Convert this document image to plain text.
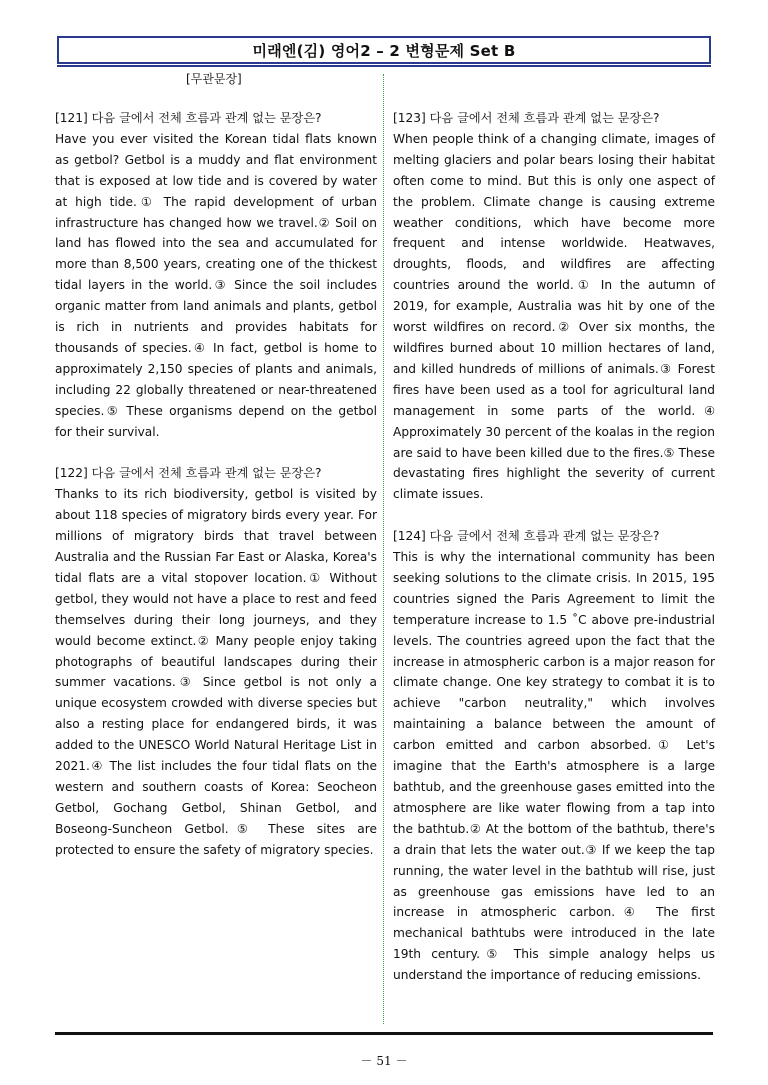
미래엔(김) 영어2 – 2 변형문제 Set B
[무관문장]
[121] 다음 글에서 전체 흐름과 관계 없는 문장은?
Have you ever visited the Korean tidal flats known as getbol? Getbol is a muddy and flat environment that is exposed at low tide and is covered by water at high tide.① The rapid development of urban infrastructure has changed how we travel.② Soil on land has flowed into the sea and accumulated for more than 8,500 years, creating one of the thickest tidal layers in the world.③ Since the soil includes organic matter from land animals and plants, getbol is rich in nutrients and provides habitats for thousands of species.④ In fact, getbol is home to approximately 2,150 species of plants and animals, including 22 globally threatened or near-threatened species.⑤ These organisms depend on the getbol for their survival.
[122] 다음 글에서 전체 흐름과 관계 없는 문장은?
Thanks to its rich biodiversity, getbol is visited by about 118 species of migratory birds every year. For millions of migratory birds that travel between Australia and the Russian Far East or Alaska, Korea's tidal flats are a vital stopover location.① Without getbol, they would not have a place to rest and feed themselves during their long journeys, and they would become extinct.② Many people enjoy taking photographs of beautiful landscapes during their summer vacations.③ Since getbol is not only a unique ecosystem crowded with diverse species but also a resting place for endangered birds, it was added to the UNESCO World Natural Heritage List in 2021.④ The list includes the four tidal flats on the western and southern coasts of Korea: Seocheon Getbol, Gochang Getbol, Shinan Getbol, and Boseong-Suncheon Getbol.⑤ These sites are protected to ensure the safety of migratory species.
[123] 다음 글에서 전체 흐름과 관계 없는 문장은?
When people think of a changing climate, images of melting glaciers and polar bears losing their habitat often come to mind. But this is only one aspect of the problem. Climate change is causing extreme weather conditions, which have become more frequent and intense worldwide. Heatwaves, droughts, floods, and wildfires are affecting countries around the world.① In the autumn of 2019, for example, Australia was hit by one of the worst wildfires on record.② Over six months, the wildfires burned about 10 million hectares of land, and killed hundreds of millions of animals.③ Forest fires have been used as a tool for agricultural land management in some parts of the world.④ Approximately 30 percent of the koalas in the region are said to have been killed due to the fires.⑤ These devastating fires highlight the severity of current climate issues.
[124] 다음 글에서 전체 흐름과 관계 없는 문장은?
This is why the international community has been seeking solutions to the climate crisis. In 2015, 195 countries signed the Paris Agreement to limit the temperature increase to 1.5 ˚C above pre-industrial levels. The countries agreed upon the fact that the increase in atmospheric carbon is a major reason for climate change. One key strategy to combat it is to achieve "carbon neutrality," which involves maintaining a balance between the amount of carbon emitted and carbon absorbed.① Let's imagine that the Earth's atmosphere is a large bathtub, and the greenhouse gases emitted into the atmosphere are like water flowing from a tap into the bathtub.② At the bottom of the bathtub, there's a drain that lets the water out.③ If we keep the tap running, the water level in the bathtub will rise, just as greenhouse gas emissions have led to an increase in atmospheric carbon.④ The first mechanical bathtubs were introduced in the late 19th century.⑤ This simple analogy helps us understand the importance of reducing emissions.
－ 51 －
